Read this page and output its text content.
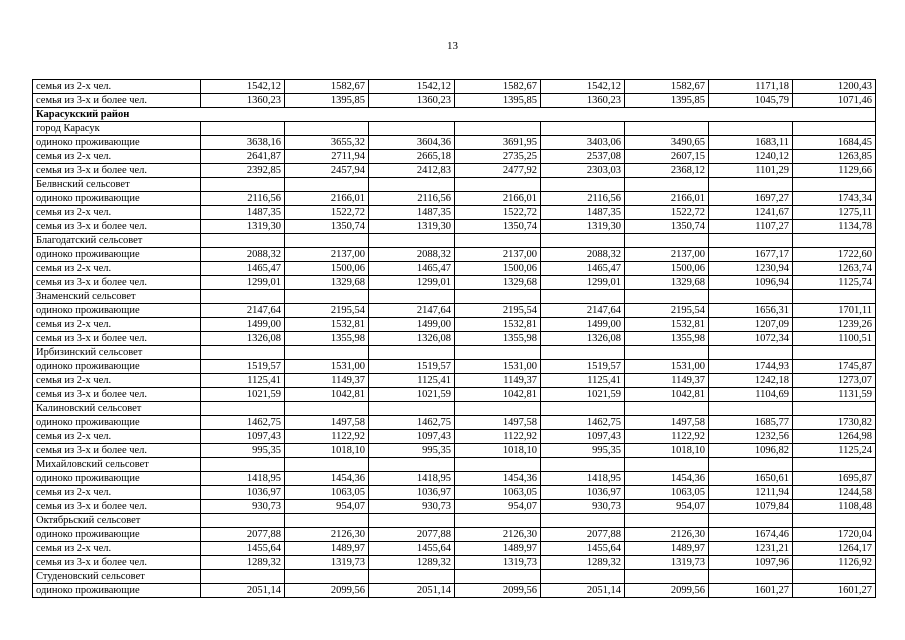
13
семья из 2-х чел.	1542,12	1582,67	1542,12	1582,67	1542,12	1582,67	1171,18	1200,43
семья из 3-х и более чел.	1360,23	1395,85	1360,23	1395,85	1360,23	1395,85	1045,79	1071,46
Карасукский район								
город Карасук								
одиноко проживающие	3638,16	3655,32	3604,36	3691,95	3403,06	3490,65	1683,11	1684,45
семья из 2-х чел.	2641,87	2711,94	2665,18	2735,25	2537,08	2607,15	1240,12	1263,85
семья из 3-х и более чел.	2392,85	2457,94	2412,83	2477,92	2303,03	2368,12	1101,29	1129,66
Белвнский сельсовет								
одиноко проживающие	2116,56	2166,01	2116,56	2166,01	2116,56	2166,01	1697,27	1743,34
семья из 2-х чел.	1487,35	1522,72	1487,35	1522,72	1487,35	1522,72	1241,67	1275,11
семья из 3-х и более чел.	1319,30	1350,74	1319,30	1350,74	1319,30	1350,74	1107,27	1134,78
Благодатский сельсовет								
одиноко проживающие	2088,32	2137,00	2088,32	2137,00	2088,32	2137,00	1677,17	1722,60
семья из 2-х чел.	1465,47	1500,06	1465,47	1500,06	1465,47	1500,06	1230,94	1263,74
семья из 3-х и более чел.	1299,01	1329,68	1299,01	1329,68	1299,01	1329,68	1096,94	1125,74
Знаменский сельсовет								
одиноко проживающие	2147,64	2195,54	2147,64	2195,54	2147,64	2195,54	1656,31	1701,11
семья из 2-х чел.	1499,00	1532,81	1499,00	1532,81	1499,00	1532,81	1207,09	1239,26
семья из 3-х и более чел.	1326,08	1355,98	1326,08	1355,98	1326,08	1355,98	1072,34	1100,51
Ирбизинский сельсовет								
одиноко проживающие	1519,57	1531,00	1519,57	1531,00	1519,57	1531,00	1744,93	1745,87
семья из 2-х чел.	1125,41	1149,37	1125,41	1149,37	1125,41	1149,37	1242,18	1273,07
семья из 3-х и более чел.	1021,59	1042,81	1021,59	1042,81	1021,59	1042,81	1104,69	1131,59
Калиновский сельсовет								
одиноко проживающие	1462,75	1497,58	1462,75	1497,58	1462,75	1497,58	1685,77	1730,82
семья из 2-х чел.	1097,43	1122,92	1097,43	1122,92	1097,43	1122,92	1232,56	1264,98
семья из 3-х и более чел.	995,35	1018,10	995,35	1018,10	995,35	1018,10	1096,82	1125,24
Михайловский сельсовет								
одиноко проживающие	1418,95	1454,36	1418,95	1454,36	1418,95	1454,36	1650,61	1695,87
семья из 2-х чел.	1036,97	1063,05	1036,97	1063,05	1036,97	1063,05	1211,94	1244,58
семья из 3-х и более чел.	930,73	954,07	930,73	954,07	930,73	954,07	1079,84	1108,48
Октябрьский сельсовет								
одиноко проживающие	2077,88	2126,30	2077,88	2126,30	2077,88	2126,30	1674,46	1720,04
семья из 2-х чел.	1455,64	1489,97	1455,64	1489,97	1455,64	1489,97	1231,21	1264,17
семья из 3-х и более чел.	1289,32	1319,73	1289,32	1319,73	1289,32	1319,73	1097,96	1126,92
Студеновский сельсовет								
одиноко проживающие	2051,14	2099,56	2051,14	2099,56	2051,14	2099,56	1601,27	1601,27
